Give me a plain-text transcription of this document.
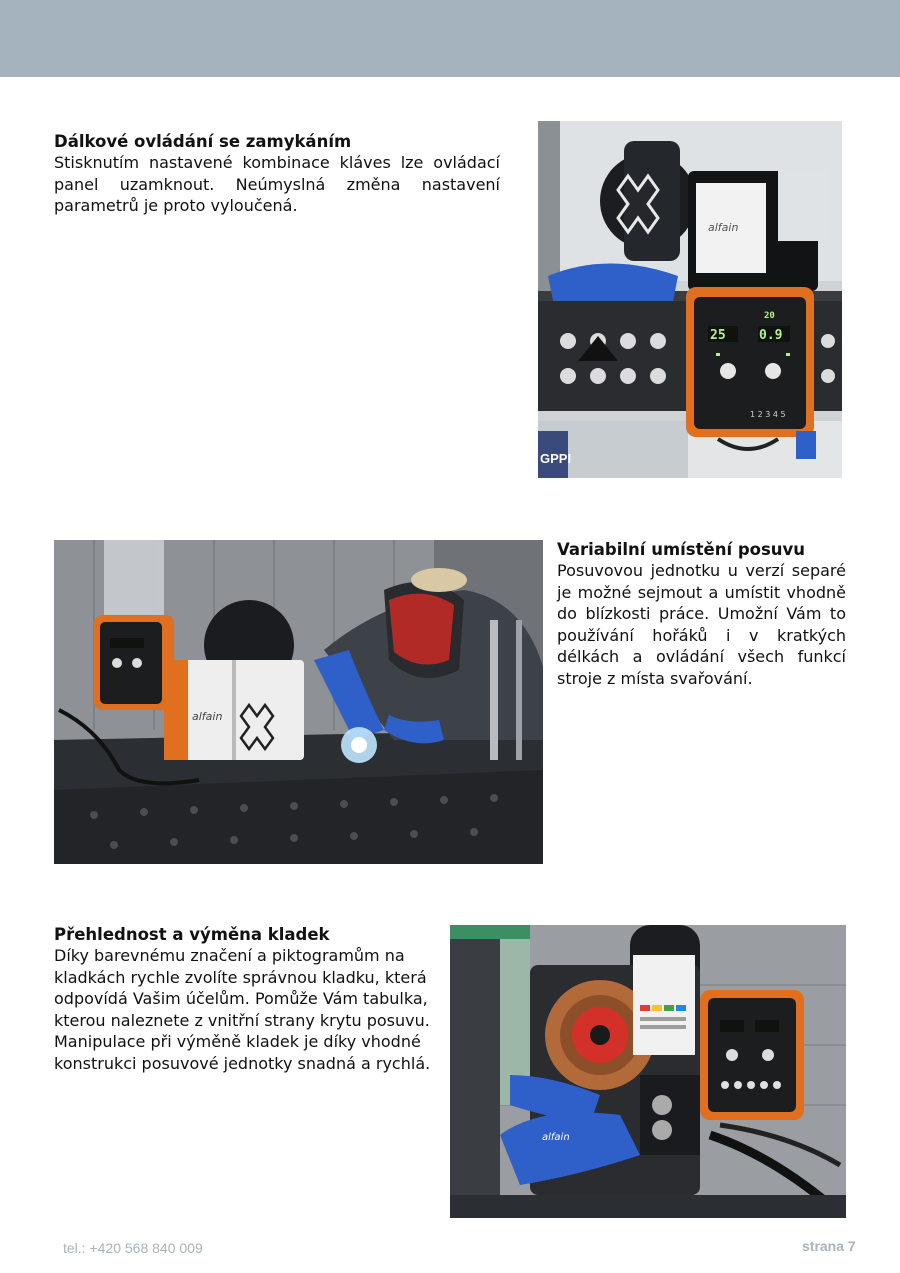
Dálkové ovládání se zamykáním

Stisknutím nastavené kombinace kláves lze ovládací panel uzamknout. Neúmyslná změna nastavení parametrů je proto vyloučená.

GPPI
alfain
25	0.9
20
1 2 3 4 5
alfain
Variabilní umístění posuvu

Posuvovou jednotku u verzí separé je možné sejmout a umístit vhodně do blízkosti práce. Umožní Vám to používání hořáků i v kratkých délkách a ovládání všech funkcí stroje z místa svařování.

Přehlednost a výměna kladek

Díky barevnému značení a piktogramům na kladkách rychle zvolíte správnou kladku, která odpovídá Vašim účelům. Pomůže Vám tabulka, kterou naleznete z vnitřní strany krytu posuvu. Manipulace při výměně kladek je díky vhodné konstrukci posuvové jednotky snadná a rychlá.

alfain
tel.: +420 568 840 009	strana 7
